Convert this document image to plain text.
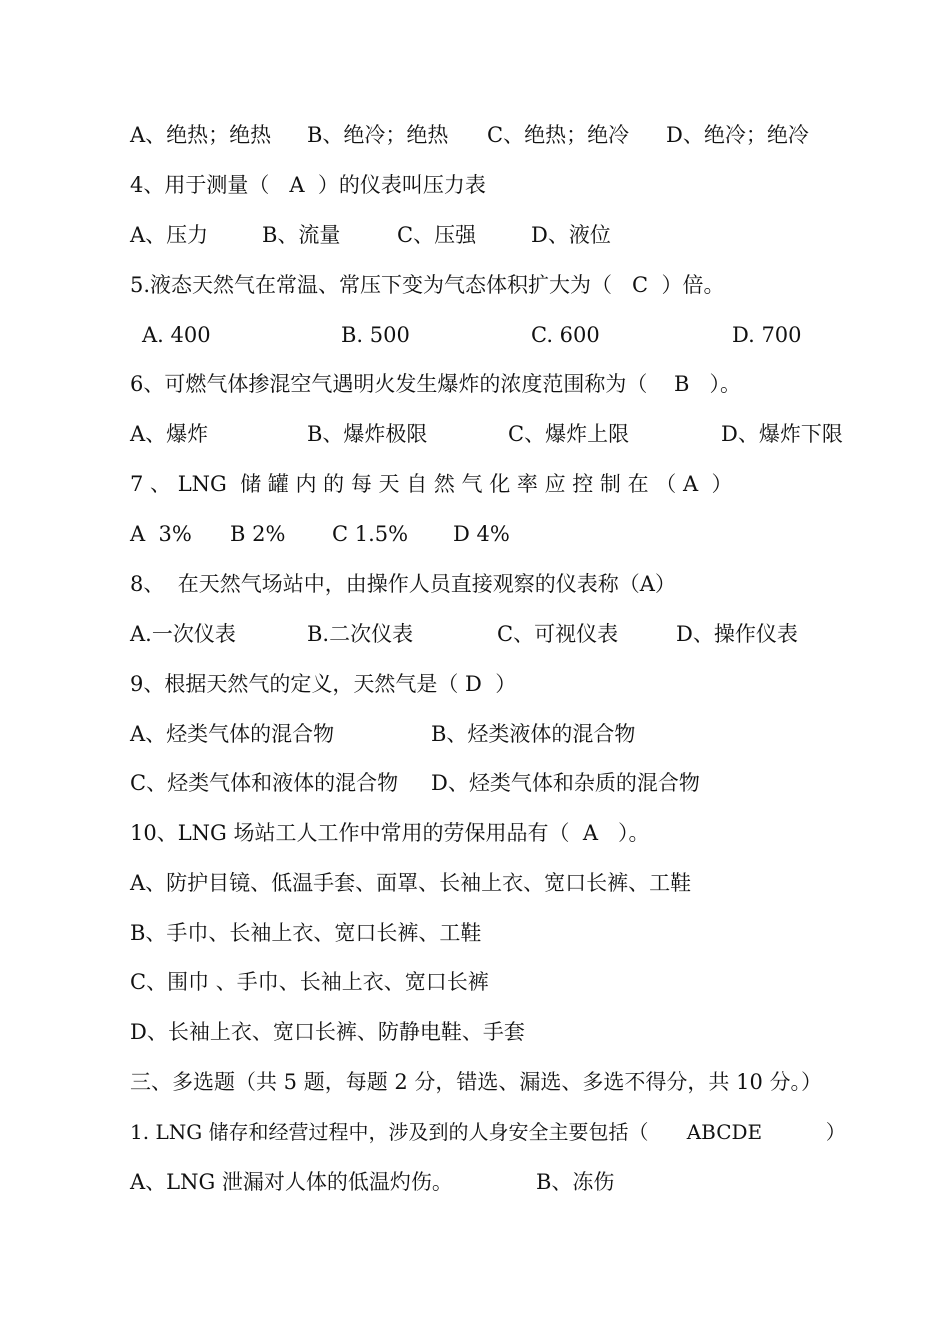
A、绝热；绝热

B、绝冷；绝热

C、绝热；绝冷

D、绝冷；绝冷

4、用于测量（   A  ）的仪表叫压力表

A、压力

	B、流量

	C、压强

	D、液位

5.液态天然气在常温、常压下变为气态体积扩大为（   C  ）倍。

A. 400

	B. 500

	C. 600

	D. 700

6、可燃气体掺混空气遇明火发生爆炸的浓度范围称为（    B   ）。

A、爆炸

	B、爆炸极限

	C、爆炸上限

	D、爆炸下限

7 、 LNG  储 罐 内 的 每 天 自 然 气 化 率 应 控 制 在 （ A  ）

A  3%

B 2%

C 1.5%

D 4%

8、  在天然气场站中，由操作人员直接观察的仪表称（A）

A.一次仪表

	B.二次仪表

	C、可视仪表

	D、操作仪表

9、根据天然气的定义，天然气是（ D  ）

A、烃类气体的混合物

	B、烃类液体的混合物

C、烃类气体和液体的混合物

D、烃类气体和杂质的混合物

10、LNG 场站工人工作中常用的劳保用品有（  A   ）。
A、防护目镜、低温手套、面罩、长袖上衣、宽口长裤、工鞋
B、手巾、长袖上衣、宽口长裤、工鞋
C、围巾 、手巾、长袖上衣、宽口长裤
D、长袖上衣、宽口长裤、防静电鞋、手套
三、多选题（共 5 题，每题 2 分，错选、漏选、多选不得分，共 10 分。）
1. LNG 储存和经营过程中，涉及到的人身安全主要包括（      ABCDE          ）

A、LNG 泄漏对人体的低温灼伤。

	B、冻伤
